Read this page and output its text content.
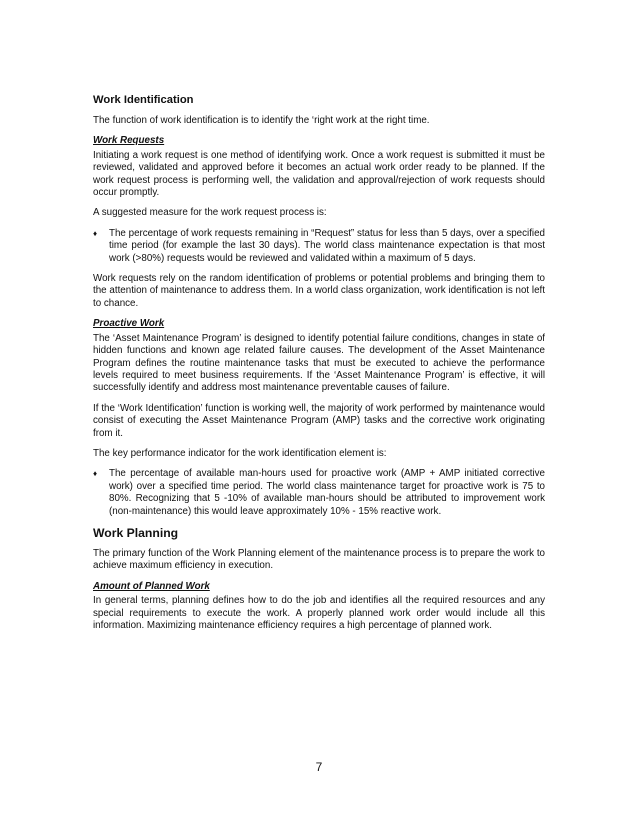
Work Identification

The function of work identification is to identify the ‘right work at the right time.

Work Requests

Initiating a work request is one method of identifying work. Once a work request is submitted it must be reviewed, validated and approved before it becomes an actual work order ready to be planned. If the work request process is performing well, the validation and approval/rejection of work requests should occur promptly.

A suggested measure for the work request process is:

♦	The percentage of work requests remaining in “Request” status for less than 5 days, over a specified time period (for example the last 30 days). The world class maintenance expectation is that most work (>80%) requests would be reviewed and validated within a maximum of 5 days.

Work requests rely on the random identification of problems or potential problems and bringing them to the attention of maintenance to address them. In a world class organization, work identification is not left to chance.

Proactive Work

The ‘Asset Maintenance Program’ is designed to identify potential failure conditions, changes in state of hidden functions and known age related failure causes. The development of the Asset Maintenance Program defines the routine maintenance tasks that must be executed to achieve the performance levels required to meet business requirements. If the ‘Asset Maintenance Program’ is effective, it will successfully identify and address most maintenance preventable causes of failure.

If the ‘Work Identification’ function is working well, the majority of work performed by maintenance would consist of executing the Asset Maintenance Program (AMP) tasks and the corrective work originating from it.

The key performance indicator for the work identification element is:

♦	The percentage of available man-hours used for proactive work (AMP + AMP initiated corrective work) over a specified time period. The world class maintenance target for proactive work is 75 to 80%. Recognizing that 5 -10% of available man-hours should be attributed to improvement work (non-maintenance) this would leave approximately 10% - 15% reactive work.
Work Planning

The primary function of the Work Planning element of the maintenance process is to prepare the work to achieve maximum efficiency in execution.

Amount of Planned Work

In general terms, planning defines how to do the job and identifies all the required resources and any special requirements to execute the work. A properly planned work order would include all this information. Maximizing maintenance efficiency requires a high percentage of planned work.

7
